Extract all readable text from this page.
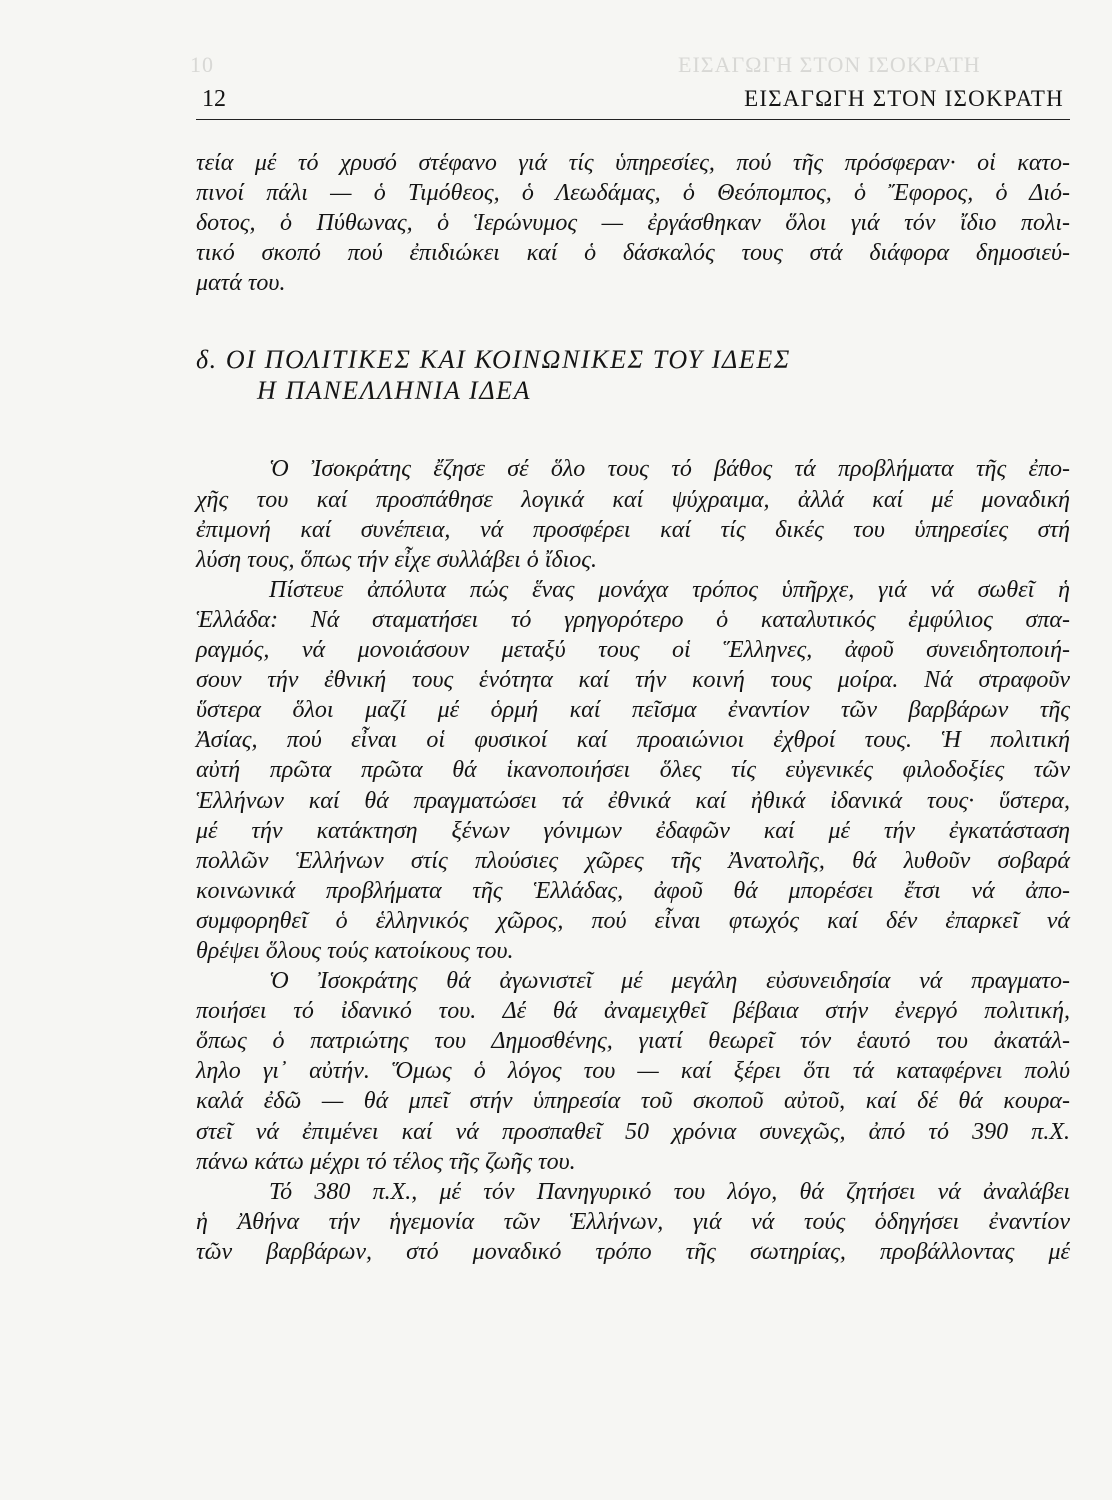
10	ΕΙΣΑΓΩΓΗ ΣΤΟΝ ΙΣΟΚΡΑΤΗ
12	ΕΙΣΑΓΩΓΗ ΣΤΟΝ ΙΣΟΚΡΑΤΗ
τεία μέ τό χρυσό στέφανο γιά τίς ὑπηρεσίες, πού τῆς πρόσφεραν· οἱ κατο-
πινοί πάλι — ὁ Τιμόθεος, ὁ Λεωδάμας, ὁ Θεόπομπος, ὁ Ἔφορος, ὁ Διό-
δοτος, ὁ Πύθωνας, ὁ Ἱερώνυμος — ἐργάσθηκαν ὅλοι γιά τόν ἴδιο πολι-
τικό σκοπό πού ἐπιδιώκει καί ὁ δάσκαλός τους στά διάφορα δημοσιεύ-
ματά του.
δ. ΟΙ ΠΟΛΙΤΙΚΕΣ ΚΑΙ ΚΟΙΝΩΝΙΚΕΣ ΤΟΥ ΙΔΕΕΣ
Η ΠΑΝΕΛΛΗΝΙΑ ΙΔΕΑ
Ὁ Ἰσοκράτης ἔζησε σέ ὅλο τους τό βάθος τά προβλήματα τῆς ἐπο-
χῆς του καί προσπάθησε λογικά καί ψύχραιμα, ἀλλά καί μέ μοναδική
ἐπιμονή καί συνέπεια, νά προσφέρει καί τίς δικές του ὑπηρεσίες στή
λύση τους, ὅπως τήν εἶχε συλλάβει ὁ ἴδιος.
Πίστευε ἀπόλυτα πώς ἕνας μονάχα τρόπος ὑπῆρχε, γιά νά σωθεῖ ἡ
Ἑλλάδα: Νά σταματήσει τό γρηγορότερο ὁ καταλυτικός ἐμφύλιος σπα-
ραγμός, νά μονοιάσουν μεταξύ τους οἱ Ἕλληνες, ἀφοῦ συνειδητοποιή-
σουν τήν ἐθνική τους ἑνότητα καί τήν κοινή τους μοίρα. Νά στραφοῦν
ὕστερα ὅλοι μαζί μέ ὁρμή καί πεῖσμα ἐναντίον τῶν βαρβάρων τῆς
Ἀσίας, πού εἶναι οἱ φυσικοί καί προαιώνιοι ἐχθροί τους. Ἡ πολιτική
αὐτή πρῶτα πρῶτα θά ἱκανοποιήσει ὅλες τίς εὐγενικές φιλοδοξίες τῶν
Ἑλλήνων καί θά πραγματώσει τά ἐθνικά καί ἠθικά ἰδανικά τους· ὕστερα,
μέ τήν κατάκτηση ξένων γόνιμων ἐδαφῶν καί μέ τήν ἐγκατάσταση
πολλῶν Ἑλλήνων στίς πλούσιες χῶρες τῆς Ἀνατολῆς, θά λυθοῦν σοβαρά
κοινωνικά προβλήματα τῆς Ἑλλάδας, ἀφοῦ θά μπορέσει ἔτσι νά ἀπο-
συμφορηθεῖ ὁ ἑλληνικός χῶρος, πού εἶναι φτωχός καί δέν ἐπαρκεῖ νά
θρέψει ὅλους τούς κατοίκους του.
Ὁ Ἰσοκράτης θά ἀγωνιστεῖ μέ μεγάλη εὐσυνειδησία νά πραγματο-
ποιήσει τό ἰδανικό του. Δέ θά ἀναμειχθεῖ βέβαια στήν ἐνεργό πολιτική,
ὅπως ὁ πατριώτης του Δημοσθένης, γιατί θεωρεῖ τόν ἑαυτό του ἀκατάλ-
ληλο γι᾿ αὐτήν. Ὅμως ὁ λόγος του — καί ξέρει ὅτι τά καταφέρνει πολύ
καλά ἐδῶ — θά μπεῖ στήν ὑπηρεσία τοῦ σκοποῦ αὐτοῦ, καί δέ θά κουρα-
στεῖ νά ἐπιμένει καί νά προσπαθεῖ 50 χρόνια συνεχῶς, ἀπό τό 390 π.Χ.
πάνω κάτω μέχρι τό τέλος τῆς ζωῆς του.
Τό 380 π.Χ., μέ τόν Πανηγυρικό του λόγο, θά ζητήσει νά ἀναλάβει
ἡ Ἀθήνα τήν ἡγεμονία τῶν Ἑλλήνων, γιά νά τούς ὁδηγήσει ἐναντίον
τῶν βαρβάρων, στό μοναδικό τρόπο τῆς σωτηρίας, προβάλλοντας μέ
